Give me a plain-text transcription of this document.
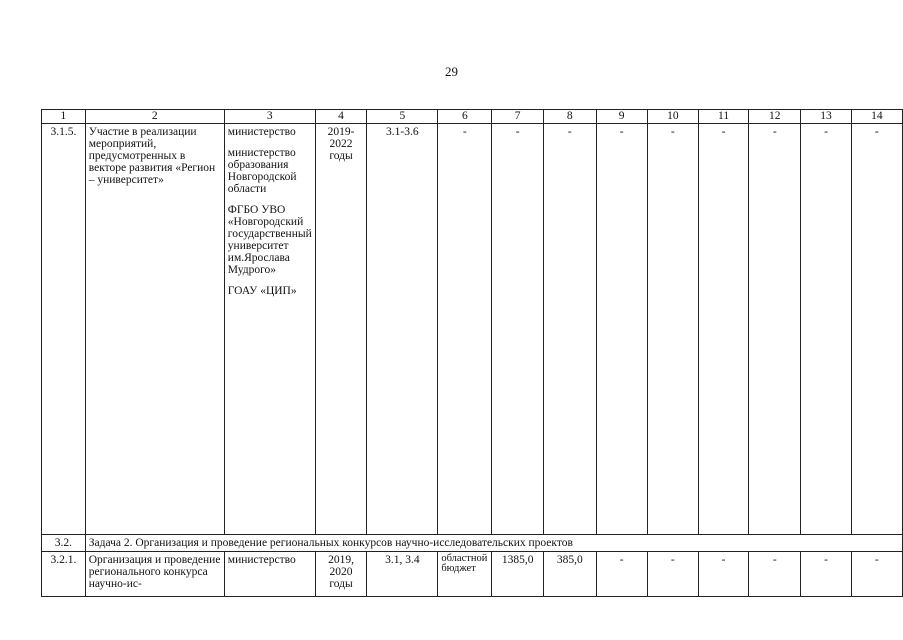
29
1	2	3	4	5	6	7	8	9	10	11	12	13	14
3.1.5.	Участие в реализации мероприятий, предусмотренных в векторе развития «Регион – университет»	министерство
министерство образования Новгородской области
ФГБО УВО «Новгородский государственный университет им.Ярослава Мудрого»
ГОАУ «ЦИП»	2019-2022 годы	3.1-3.6	-	-	-	-	-	-	-	-	-
3.2.	Задача 2. Организация и проведение региональных конкурсов научно-исследовательских проектов												
3.2.1.	Организация и проведение регионального конкурса научно-ис-	министерство	2019, 2020 годы	3.1, 3.4	областной бюджет	1385,0	385,0	-	-	-	-	-	-
